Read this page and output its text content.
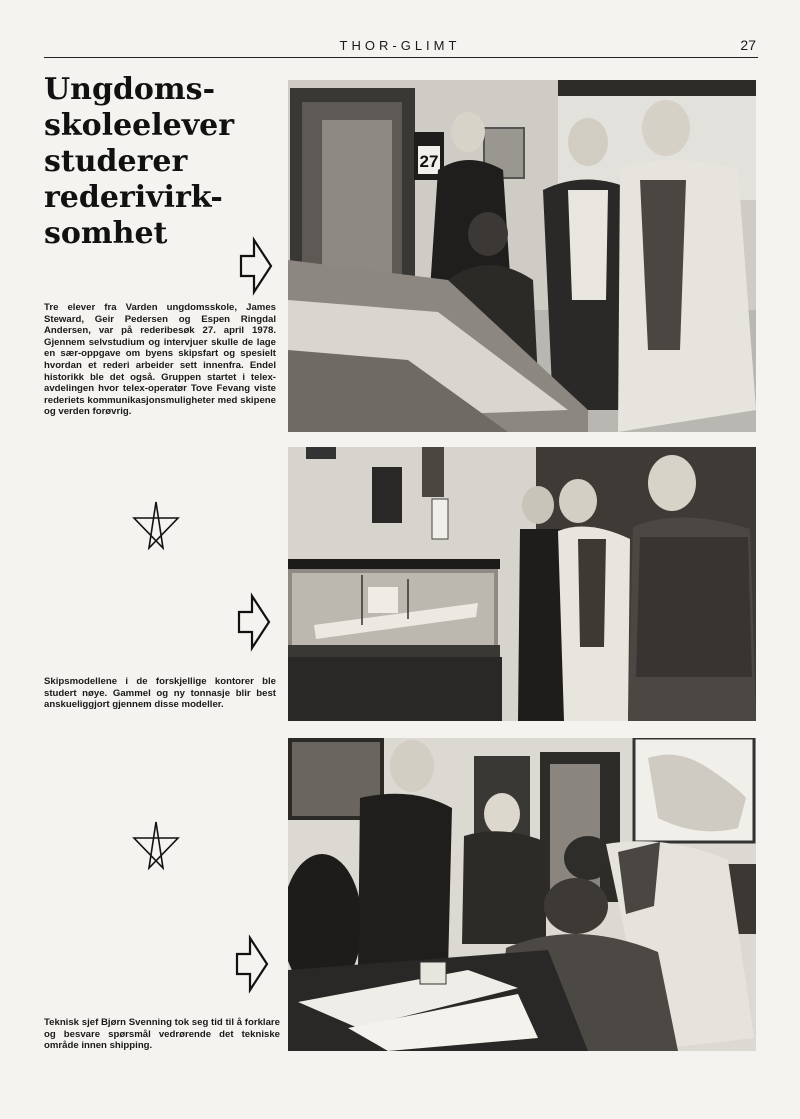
THOR-GLIMT	27
Ungdoms-
skoleelever
studerer
rederivirk-
somhet

Tre elever fra Varden ungdomsskole, James Steward, Geir Pedersen og Espen Ringdal Andersen, var på rederibesøk 27. april 1978. Gjennem selvstudium og intervjuer skulle de lage en sær-oppgave om byens skipsfart og spesielt hvordan et rederi arbeider sett innenfra. Endel historikk ble det også. Gruppen startet i telex-avdelingen hvor telex-operatør Tove Fevang viste rederiets kommunikasjonsmuligheter med skipene og verden forøvrig.

Skipsmodellene i de forskjellige kontorer ble studert nøye. Gammel og ny tonnasje blir best anskueliggjort gjennem disse modeller.

Teknisk sjef Bjørn Svenning tok seg tid til å forklare og besvare spørsmål vedrørende det tekniske område innen shipping.

27
